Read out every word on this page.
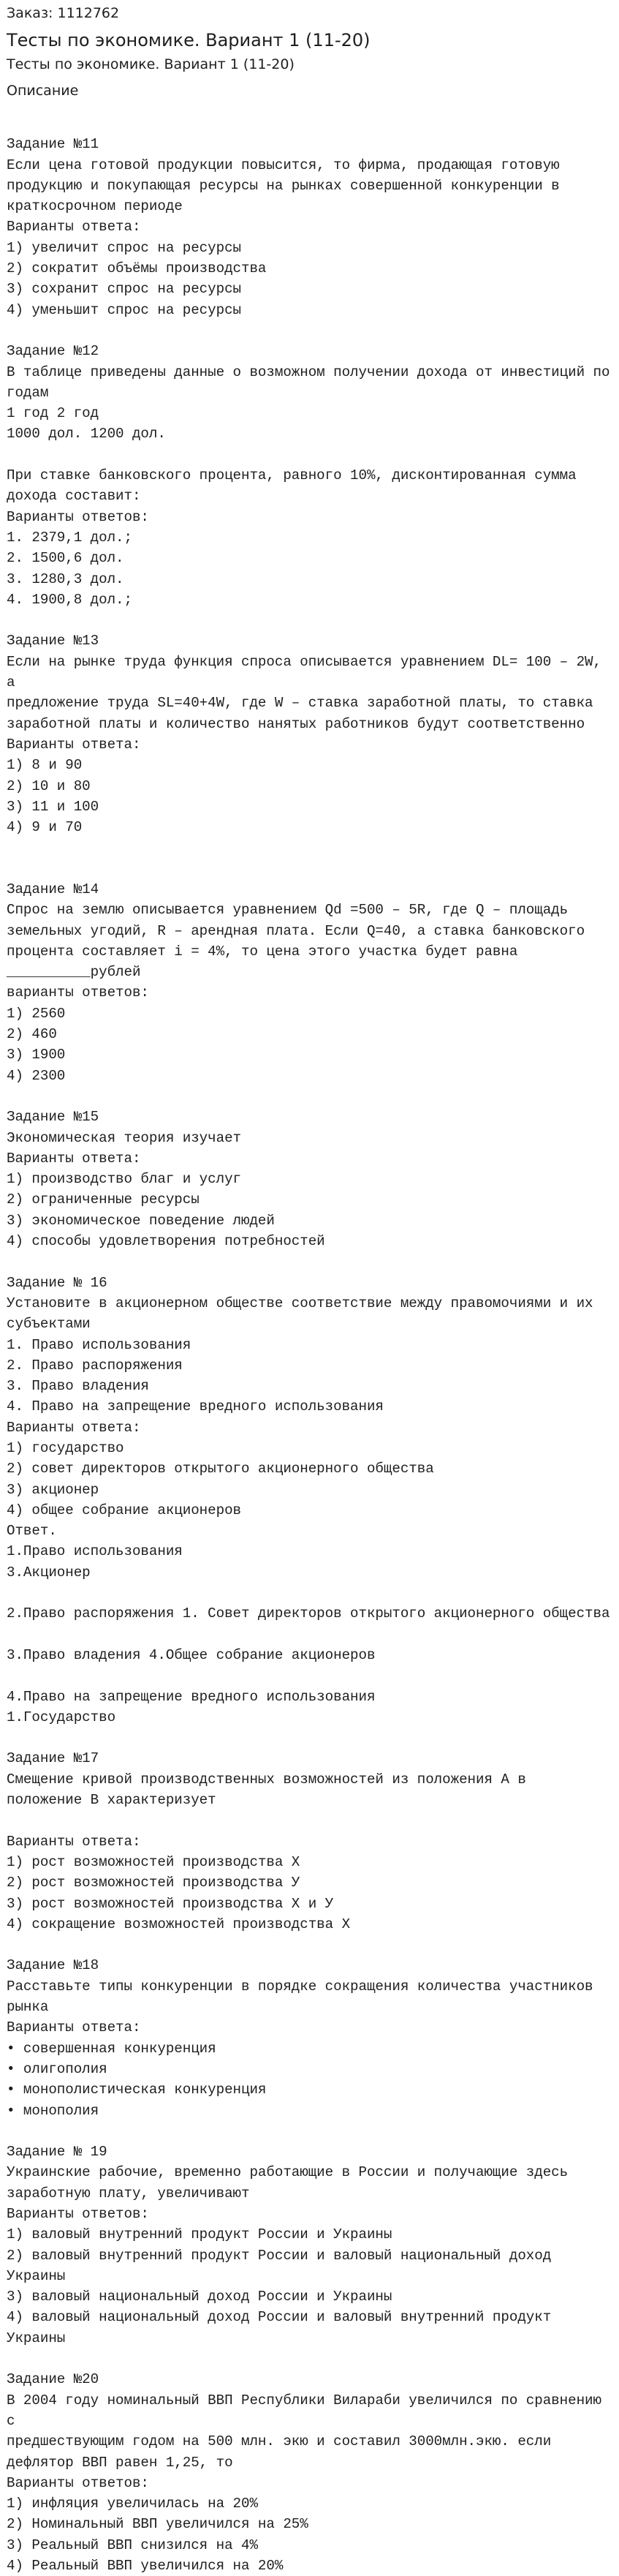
Заказ: 1112762
Тесты по экономике. Вариант 1 (11-20)
Тесты по экономике. Вариант 1 (11-20)
Описание

Задание №11
Если цена готовой продукции повысится, то фирма, продающая готовую
продукцию и покупающая ресурсы на рынках совершенной конкуренции в
краткосрочном периоде
Варианты ответа:
1) увеличит спрос на ресурсы
2) сократит объёмы производства
3) сохранит спрос на ресурсы
4) уменьшит спрос на ресурсы

Задание №12
В таблице приведены данные о возможном получении дохода от инвестиций по
годам
1 год 2 год
1000 дол. 1200 дол.

При ставке банковского процента, равного 10%, дисконтированная сумма
дохода составит:
Варианты ответов:
1. 2379,1 дол.;
2. 1500,6 дол.
3. 1280,3 дол.
4. 1900,8 дол.;

Задание №13
Если на рынке труда функция спроса описывается уравнением DL= 100 – 2W, а
предложение труда SL=40+4W, где W – ставка заработной платы, то ставка
заработной платы и количество нанятых работников будут соответственно
Варианты ответа:
1) 8 и 90
2) 10 и 80
3) 11 и 100
4) 9 и 70

Задание №14
Спрос на землю описывается уравнением Qd =500 – 5R, где Q – площадь
земельных угодий, R – арендная плата. Если Q=40, а ставка банковского
процента составляет i = 4%, то цена этого участка будет равна __________рублей
варианты ответов:
1) 2560
2) 460
3) 1900
4) 2300

Задание №15
Экономическая теория изучает
Варианты ответа:
1) производство благ и услуг
2) ограниченные ресурсы
3) экономическое поведение людей
4) способы удовлетворения потребностей

Задание № 16
Установите в акционерном обществе соответствие между правомочиями и их
субъектами
1. Право использования
2. Право распоряжения
3. Право владения
4. Право на запрещение вредного использования
Варианты ответа:
1) государство
2) совет директоров открытого акционерного общества
3) акционер
4) общее собрание акционеров
Ответ.
1.Право использования
3.Акционер

2.Право распоряжения 1. Совет директоров открытого акционерного общества

3.Право владения 4.Общее собрание акционеров

4.Право на запрещение вредного использования
1.Государство

Задание №17
Смещение кривой производственных возможностей из положения А в
положение В характеризует

Варианты ответа:
1) рост возможностей производства Х
2) рост возможностей производства У
3) рост возможностей производства Х и У
4) сокращение возможностей производства Х

Задание №18
Расставьте типы конкуренции в порядке сокращения количества участников
рынка
Варианты ответа:
• совершенная конкуренция
• олигополия
• монополистическая конкуренция
• монополия

Задание № 19
Украинские рабочие, временно работающие в России и получающие здесь
заработную плату, увеличивают
Варианты ответов:
1) валовый внутренний продукт России и Украины
2) валовый внутренний продукт России и валовый национальный доход Украины
3) валовый национальный доход России и Украины
4) валовый национальный доход России и валовый внутренний продукт Украины

Задание №20
В 2004 году номинальный ВВП Республики Вилараби увеличился по сравнению с
предшествующим годом на 500 млн. экю и составил 3000млн.экю. если
дефлятор ВВП равен 1,25, то
Варианты ответов:
1) инфляция увеличилась на 20%
2) Номинальный ВВП увеличился на 25%
3) Реальный ВВП снизился на 4%
4) Реальный ВВП увеличился на 20%
